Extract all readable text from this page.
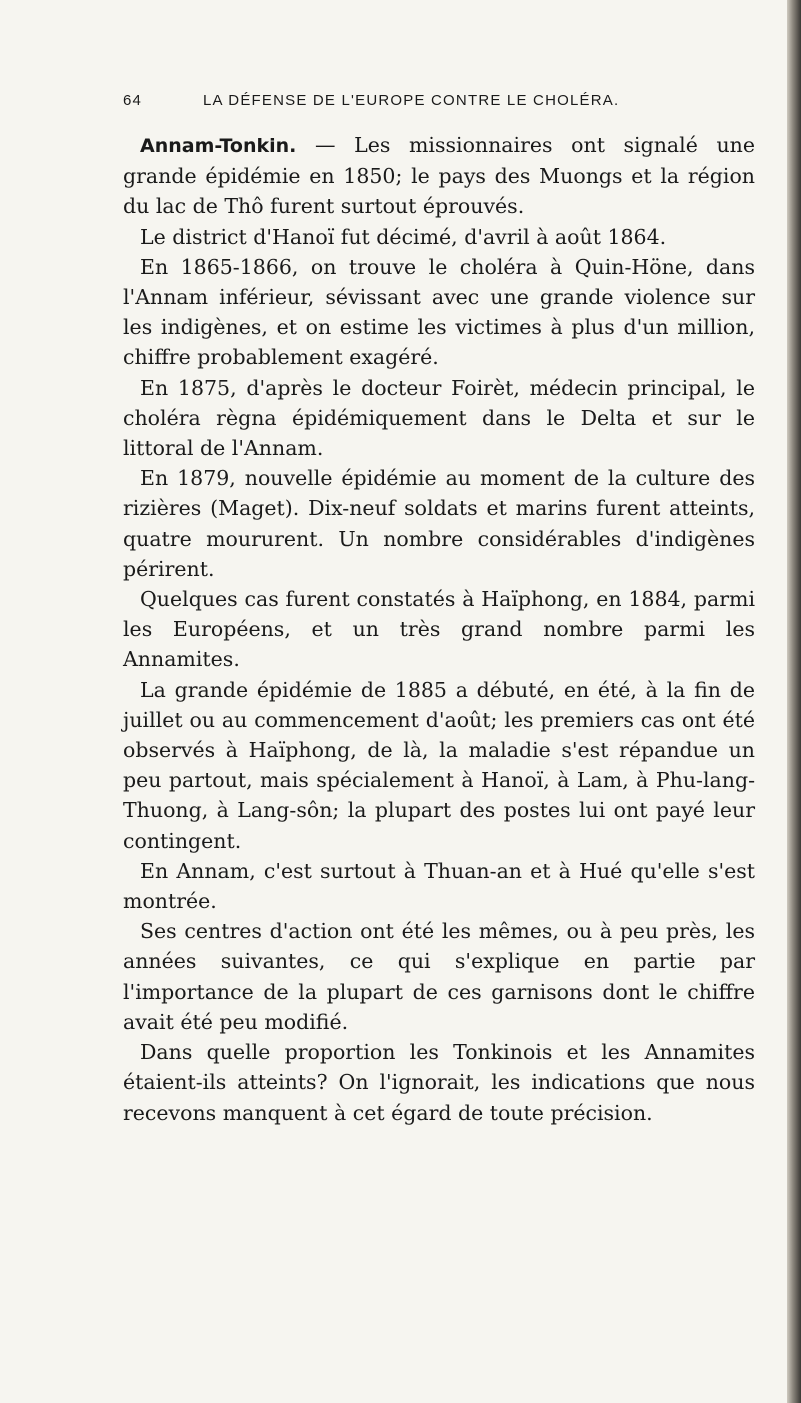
64	LA DÉFENSE DE L'EUROPE CONTRE LE CHOLÉRA.

Annam-Tonkin. — Les missionnaires ont signalé une grande épidémie en 1850; le pays des Muongs et la région du lac de Thô furent surtout éprouvés.

Le district d'Hanoï fut décimé, d'avril à août 1864.

En 1865-1866, on trouve le choléra à Quin-Höne, dans l'Annam inférieur, sévissant avec une grande violence sur les indigènes, et on estime les victimes à plus d'un million, chiffre probablement exagéré.

En 1875, d'après le docteur Foirèt, médecin principal, le choléra règna épidémiquement dans le Delta et sur le littoral de l'Annam.

En 1879, nouvelle épidémie au moment de la culture des rizières (Maget). Dix-neuf soldats et marins furent atteints, quatre moururent. Un nombre considérables d'indigènes périrent.

Quelques cas furent constatés à Haïphong, en 1884, parmi les Européens, et un très grand nombre parmi les Annamites.

La grande épidémie de 1885 a débuté, en été, à la fin de juillet ou au commencement d'août; les premiers cas ont été observés à Haïphong, de là, la maladie s'est répandue un peu partout, mais spécialement à Hanoï, à Lam, à Phu-lang-Thuong, à Lang-sôn; la plupart des postes lui ont payé leur contingent.

En Annam, c'est surtout à Thuan-an et à Hué qu'elle s'est montrée.

Ses centres d'action ont été les mêmes, ou à peu près, les années suivantes, ce qui s'explique en partie par l'importance de la plupart de ces garnisons dont le chiffre avait été peu modifié.

Dans quelle proportion les Tonkinois et les Annamites étaient-ils atteints? On l'ignorait, les indications que nous recevons manquent à cet égard de toute précision.
